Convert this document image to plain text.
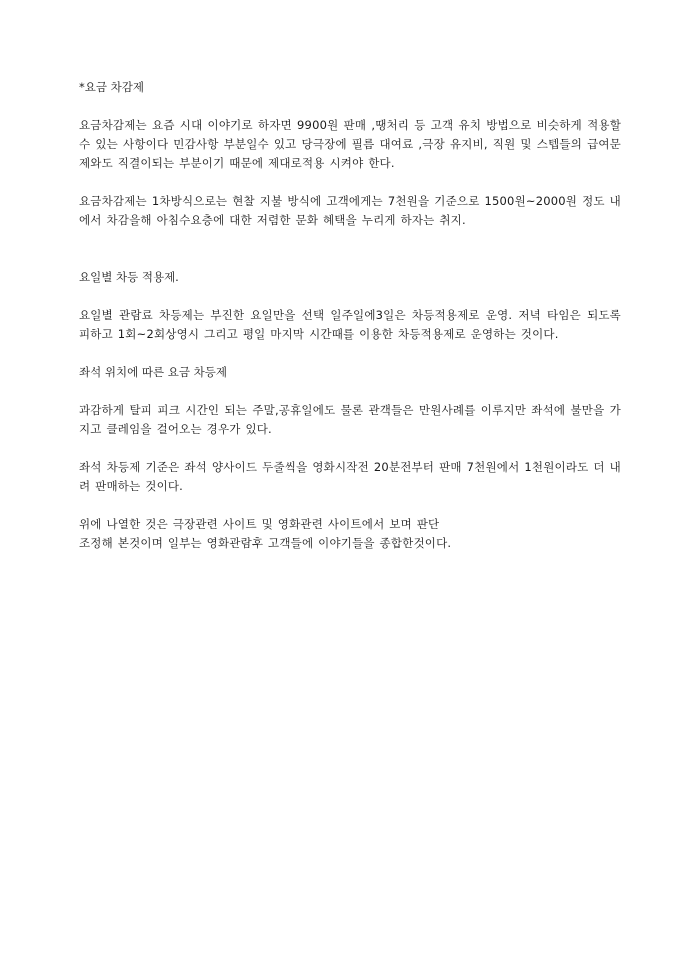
*요금 차감제

요금차감제는 요즘 시대 이야기로 하자면 9900원 판매 ,땡처리 등 고객 유치 방법으로 비슷하게 적용할수 있는 사항이다 민감사항 부분일수 있고 당극장에 필름 대여료 ,극장 유지비, 직원 및 스텝들의 급여문제와도 직결이되는 부분이기 때문에 제대로적용 시켜야 한다.

요금차감제는 1차방식으로는 현찰 지불 방식에 고객에게는 7천원을 기준으로 1500원~2000원 정도 내에서 차감을해 아침수요층에 대한 저렴한 문화 혜택을 누리게 하자는 취지.

요일별 차등 적용제.

요일별 관람료 차등제는 부진한 요일만을 선택 일주일에3일은 차등적용제로 운영. 저녁 타임은 되도록 피하고 1회~2회상영시 그리고 평일 마지막 시간때를 이용한 차등적용제로 운영하는 것이다.

좌석 위치에 따른 요금 차등제

과감하게 탈피 피크 시간인 되는 주말,공휴일에도 물론 관객들은 만원사례를 이루지만 좌석에 불만을 가지고 클레임을 걸어오는 경우가 있다.

좌석 차등제 기준은 좌석 양사이드 두줄씩을 영화시작전 20분전부터 판매 7천원에서 1천원이라도 더 내려 판매하는 것이다.

위에 나열한 것은 극장관련 사이트 및 영화관련 사이트에서 보며 판단
조정해 본것이며 일부는 영화관람후 고객들에 이야기들을 종합한것이다.
